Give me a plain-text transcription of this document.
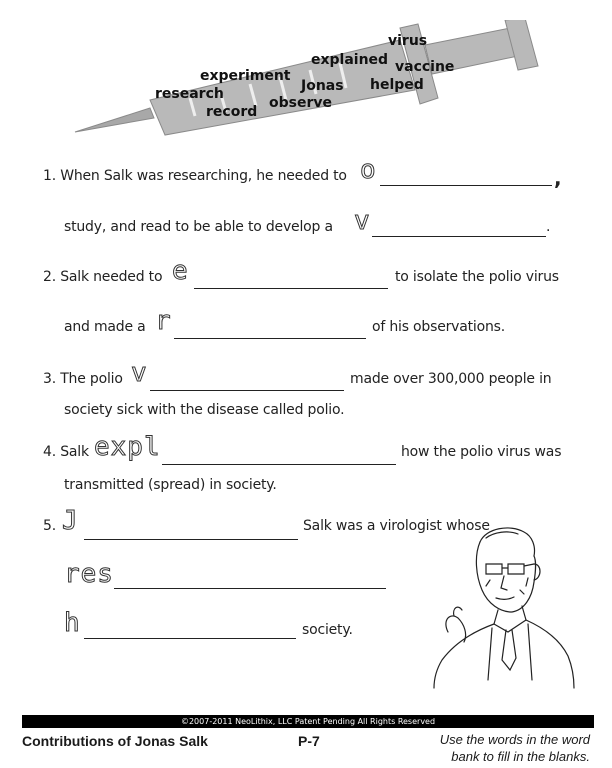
virus
explained vaccine
experiment
Jonas helped
research
observe
record
1. When Salk was researching, he needed to o	,
study, and read to be able to develop a v	.
2. Salk needed to e	to isolate the polio virus
and made a r	of his observations.
3. The polio v	made over 300,000 people in
society sick with the disease called polio.
4. Salk expl	how the polio virus was
transmitted (spread) in society.
5. J	Salk was a virologist whose
res
h	society.
©2007-2011 NeoLithix, LLC Patent Pending All Rights Reserved
Contributions of Jonas Salk	P-7	Use the words in the word
bank to fill in the blanks.
